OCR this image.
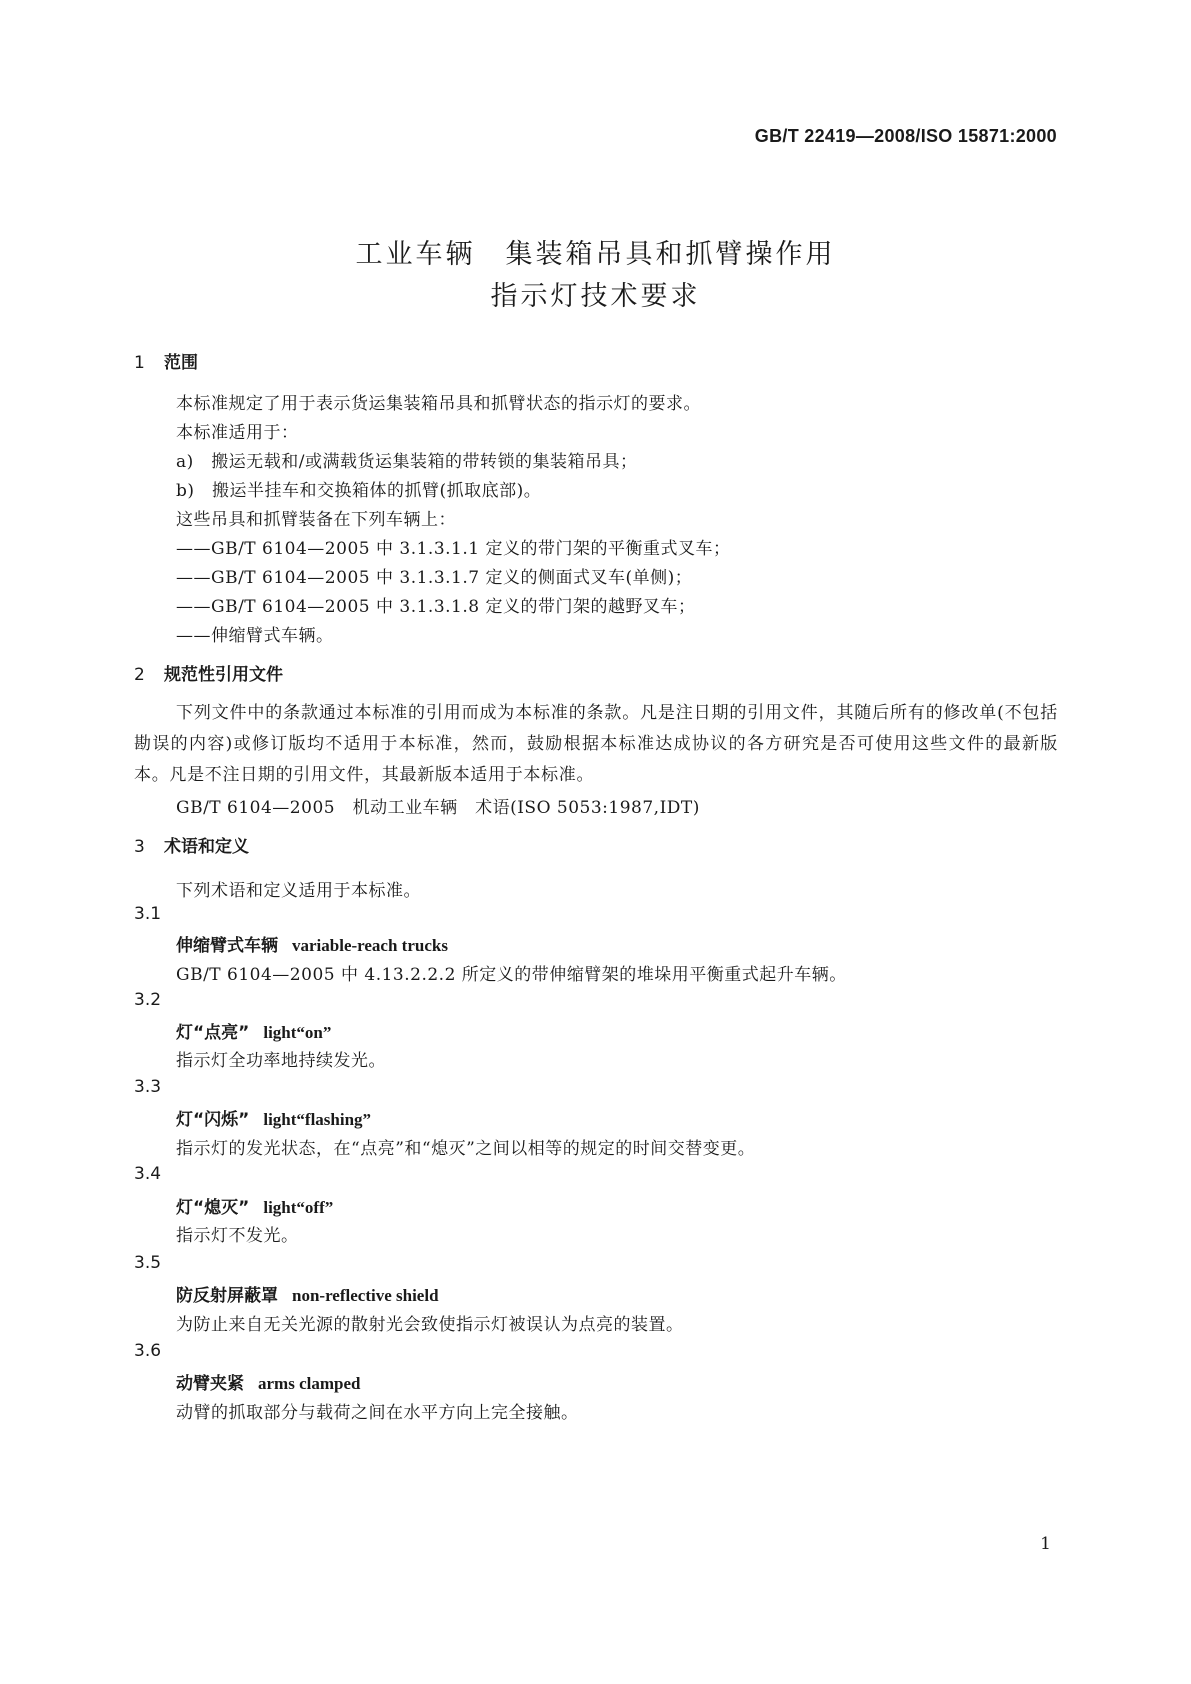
GB/T 22419—2008/ISO 15871:2000
工业车辆　集装箱吊具和抓臂操作用
指示灯技术要求
1 范围
本标准规定了用于表示货运集装箱吊具和抓臂状态的指示灯的要求。
本标准适用于：
a)　搬运无载和/或满载货运集装箱的带转锁的集装箱吊具；
b)　搬运半挂车和交换箱体的抓臂(抓取底部)。
这些吊具和抓臂装备在下列车辆上：
——GB/T 6104—2005 中 3.1.3.1.1 定义的带门架的平衡重式叉车；
——GB/T 6104—2005 中 3.1.3.1.7 定义的侧面式叉车(单侧)；
——GB/T 6104—2005 中 3.1.3.1.8 定义的带门架的越野叉车；
——伸缩臂式车辆。
2 规范性引用文件
下列文件中的条款通过本标准的引用而成为本标准的条款。凡是注日期的引用文件，其随后所有的修改单(不包括勘误的内容)或修订版均不适用于本标准，然而，鼓励根据本标准达成协议的各方研究是否可使用这些文件的最新版本。凡是不注日期的引用文件，其最新版本适用于本标准。
GB/T 6104—2005　机动工业车辆　术语(ISO 5053:1987,IDT)
3 术语和定义
下列术语和定义适用于本标准。
3.1
伸缩臂式车辆 variable-reach trucks
GB/T 6104—2005 中 4.13.2.2.2 所定义的带伸缩臂架的堆垛用平衡重式起升车辆。
3.2
灯“点亮” light“on”
指示灯全功率地持续发光。
3.3
灯“闪烁” light“flashing”
指示灯的发光状态，在“点亮”和“熄灭”之间以相等的规定的时间交替变更。
3.4
灯“熄灭” light“off”
指示灯不发光。
3.5
防反射屏蔽罩 non-reflective shield
为防止来自无关光源的散射光会致使指示灯被误认为点亮的装置。
3.6
动臂夹紧 arms clamped
动臂的抓取部分与载荷之间在水平方向上完全接触。
1
